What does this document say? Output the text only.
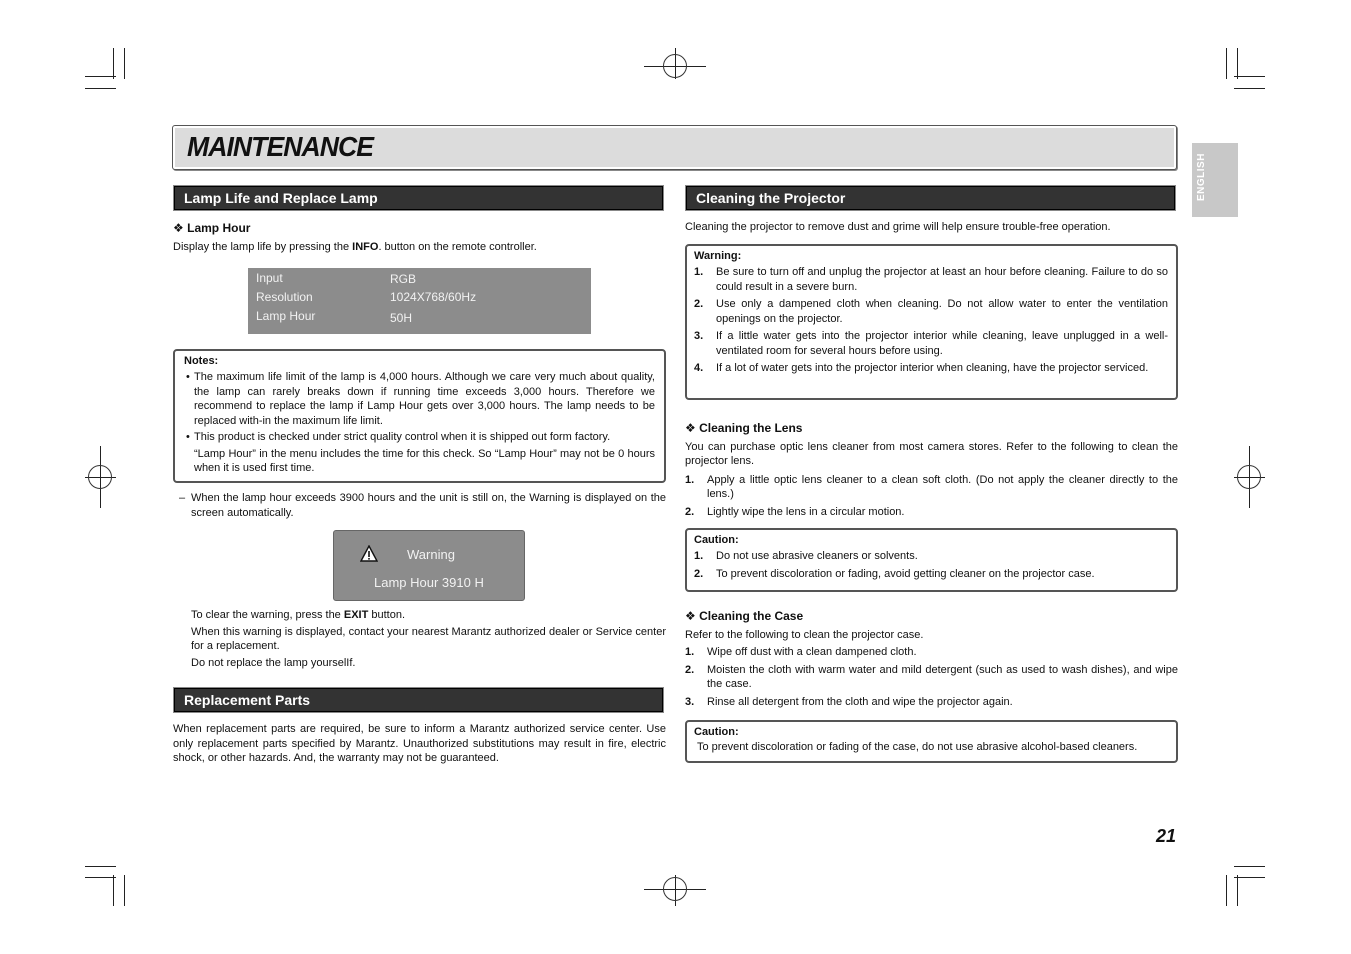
MAINTENANCE
ENGLISH
Lamp Life and Replace Lamp
❖ Lamp Hour
Display the lamp life by pressing the INFO. button on the remote controller.
Input	RGB
Resolution	1024X768/60Hz
Lamp Hour	50H
Notes:
• The maximum life limit of the lamp is 4,000 hours. Although we care very much about quality, the lamp can rarely breaks down if running time exceeds 3,000 hours. Therefore we recommend to replace the lamp if Lamp Hour gets over 3,000 hours. The lamp needs to be replaced with-in the maximum life limit.
• This product is checked under strict quality control when it is shipped out form factory.
“Lamp Hour” in the menu includes the time for this check. So “Lamp Hour” may not be 0 hours when it is used first time.
– When the lamp hour exceeds 3900 hours and the unit is still on, the Warning is displayed on the screen automatically.
Warning
Lamp Hour 3910 H
To clear the warning, press the EXIT button.
When this warning is displayed, contact your nearest Marantz authorized dealer or Service center for a replacement.
Do not replace the lamp yourselIf.
Replacement Parts
When replacement parts are required, be sure to inform a Marantz authorized service center. Use only replacement parts specified by Marantz. Unauthorized substitutions may result in fire, electric shock, or other hazards. And, the warranty may not be guaranteed.
Cleaning the Projector
Cleaning the projector to remove dust and grime will help ensure trouble-free operation.
Warning:
1. Be sure to turn off and unplug the projector at least an hour before cleaning. Failure to do so could result in a severe burn.
2. Use only a dampened cloth when cleaning. Do not allow water to enter the ventilation openings on the projector.
3. If a little water gets into the projector interior while cleaning, leave unplugged in a well-ventilated room for several hours before using.
4. If a lot of water gets into the projector interior when cleaning, have the projector serviced.
❖ Cleaning the Lens
You can purchase optic lens cleaner from most camera stores. Refer to the following to clean the projector lens.
1. Apply a little optic lens cleaner to a clean soft cloth. (Do not apply the cleaner directly to the lens.)
2. Lightly wipe the lens in a circular motion.
Caution:
1. Do not use abrasive cleaners or solvents.
2. To prevent discoloration or fading, avoid getting cleaner on the projector case.
❖ Cleaning the Case
Refer to the following to clean the projector case.
1. Wipe off dust with a clean dampened cloth.
2. Moisten the cloth with warm water and mild detergent (such as used to wash dishes), and wipe the case.
3. Rinse all detergent from the cloth and wipe the projector again.
Caution:
To prevent discoloration or fading of the case, do not use abrasive alcohol-based cleaners.
21
